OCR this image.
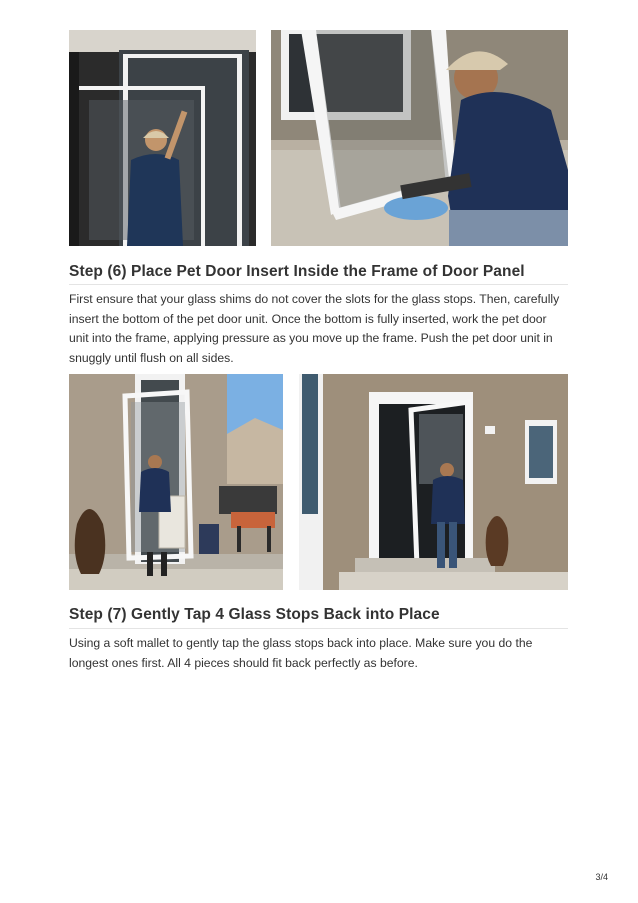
Step (6) Place Pet Door Insert Inside the Frame of Door Panel

First ensure that your glass shims do not cover the slots for the glass stops. Then, carefully insert the bottom of the pet door unit. Once the bottom is fully inserted, work the pet door unit into the frame, applying pressure as you move up the frame. Push the pet door unit in snuggly until flush on all sides.

Step (7) Gently Tap 4 Glass Stops Back into Place

Using a soft mallet to gently tap the glass stops back into place. Make sure you do the longest ones first. All 4 pieces should fit back perfectly as before.

3/4
